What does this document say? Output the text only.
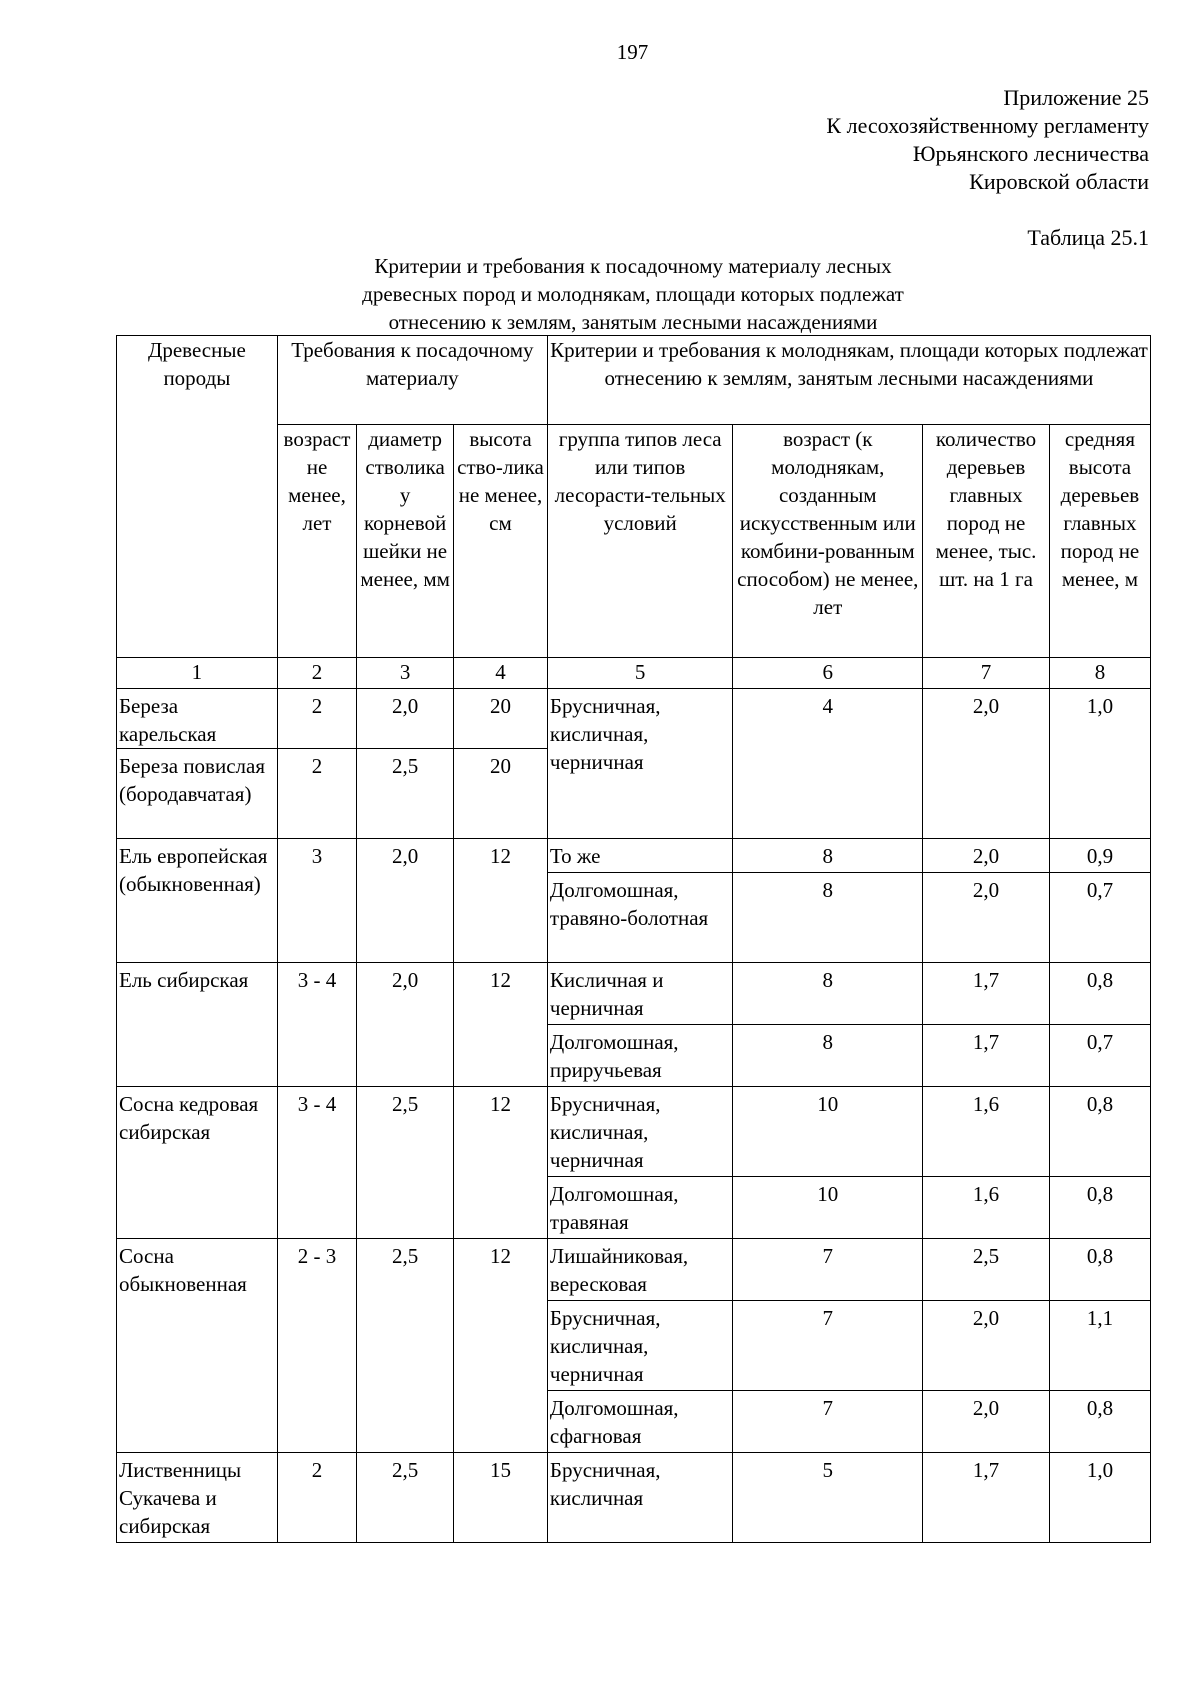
197
Приложение 25
К лесохозяйственному регламенту
Юрьянского лесничества
Кировской области
Таблица 25.1
Критерии и требования к посадочному материалу лесных
древесных пород и молоднякам, площади которых подлежат
отнесению к землям, занятым лесными насаждениями
Древесные породы	Требования к посадочному материалу			Критерии и требования к молоднякам, площади которых подлежат отнесению к землям, занятым лесными насаждениями			
	возраст не менее, лет	диаметр стволика у корневой шейки не менее, мм	высота ство-лика не менее, см	группа типов леса или типов лесорасти-тельных условий	возраст (к молоднякам, созданным искусственным или комбини-рованным способом) не менее, лет	количество деревьев главных пород не менее, тыс. шт. на 1 га	средняя высота деревьев главных пород не менее, м
1	2	3	4	5	6	7	8
Береза карельская	2	2,0	20	Брусничная, кисличная, черничная	4	2,0	1,0
Береза повислая (бородавчатая)	2	2,5	20				
Ель европейская (обыкновенная)	3	2,0	12	То же	8	2,0	0,9
				Долгомошная, травяно-болотная	8	2,0	0,7
Ель сибирская	3 - 4	2,0	12	Кисличная и черничная	8	1,7	0,8
				Долгомошная, приручьевая	8	1,7	0,7
Сосна кедровая сибирская	3 - 4	2,5	12	Брусничная, кисличная, черничная	10	1,6	0,8
				Долгомошная, травяная	10	1,6	0,8
Сосна обыкновенная	2 - 3	2,5	12	Лишайниковая, вересковая	7	2,5	0,8
				Брусничная, кисличная, черничная	7	2,0	1,1
				Долгомошная, сфагновая	7	2,0	0,8
Лиственницы Сукачева и сибирская	2	2,5	15	Брусничная, кисличная	5	1,7	1,0
